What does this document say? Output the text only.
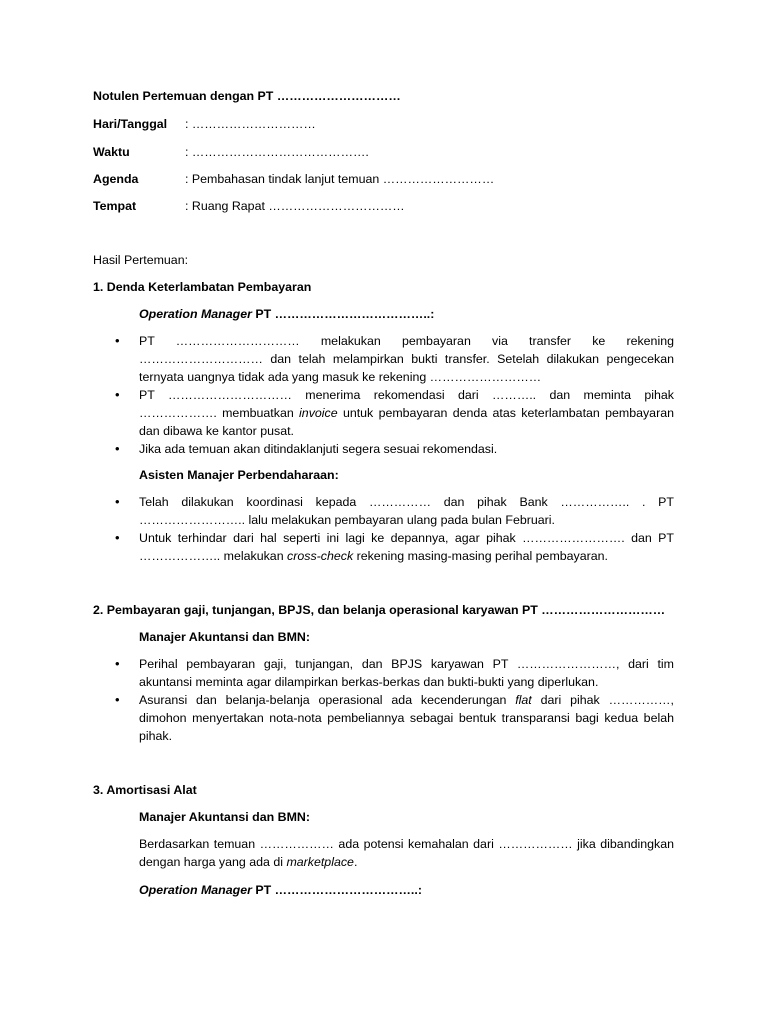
Notulen Pertemuan dengan PT …………………………
Hari/Tanggal : …………………………
Waktu	: …………………………………….
Agenda	: Pembahasan tindak lanjut temuan ………………………
Tempat	: Ruang Rapat ……………………………
Hasil Pertemuan:
1. Denda Keterlambatan Pembayaran
Operation Manager PT ………………………………..:
• PT ………………………… melakukan pembayaran via transfer ke rekening ………………………… dan telah melampirkan bukti transfer. Setelah dilakukan pengecekan ternyata uangnya tidak ada yang masuk ke rekening ………………………
• PT ………………………… menerima rekomendasi dari ……….. dan meminta pihak ………………. membuatkan invoice untuk pembayaran denda atas keterlambatan pembayaran dan dibawa ke kantor pusat.
• Jika ada temuan akan ditindaklanjuti segera sesuai rekomendasi.
Asisten Manajer Perbendaharaan:
• Telah dilakukan koordinasi kepada …………… dan pihak Bank …………….. . PT …………………….. lalu melakukan pembayaran ulang pada bulan Februari.
• Untuk terhindar dari hal seperti ini lagi ke depannya, agar pihak ……………………. dan PT ……………….. melakukan cross-check rekening masing-masing perihal pembayaran.
2. Pembayaran gaji, tunjangan, BPJS, dan belanja operasional karyawan PT …………………………
Manajer Akuntansi dan BMN:
• Perihal pembayaran gaji, tunjangan, dan BPJS karyawan PT ……………………, dari tim akuntansi meminta agar dilampirkan berkas-berkas dan bukti-bukti yang diperlukan.
• Asuransi dan belanja-belanja operasional ada kecenderungan flat dari pihak ……………, dimohon menyertakan nota-nota pembeliannya sebagai bentuk transparansi bagi kedua belah pihak.
3. Amortisasi Alat
Manajer Akuntansi dan BMN:
Berdasarkan temuan ……………… ada potensi kemahalan dari ……………… jika dibandingkan dengan harga yang ada di marketplace.
Operation Manager PT ……………………………..:
